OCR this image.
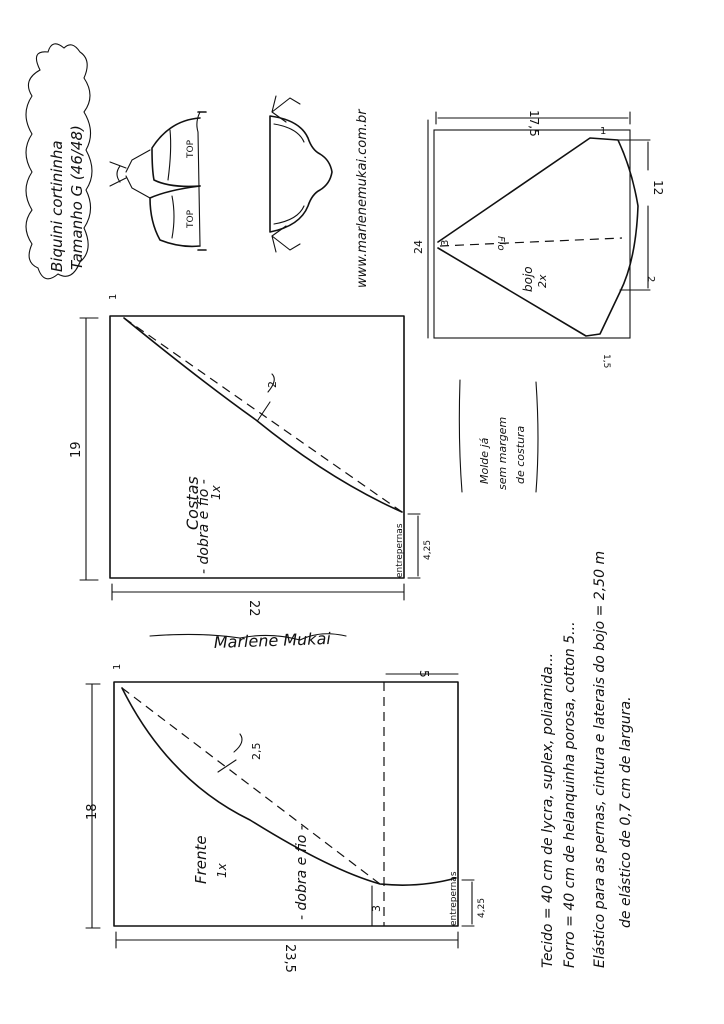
Biquini cortininha Tamanho G (46/48)	TOP
TOP	www.marlenemukai.com.br	17,5
24
12
1
3
2
1,5
Fio
bojo 2x
Molde já sem margem de costura
19
22
2
1
Costas 1x
- dobra e fio -	entrepernas 4,25
Marlene Mukai
18
23,5
5
2,5
3
1
Frente 1x	- dobra e fio -	entrepernas 4,25	Tecido = 40 cm de lycra, suplex, poliamida... Forro = 40 cm de helanquinha porosa, cotton 5... Elástico para as pernas, cintura e laterais do bojo = 2,50 m de elástico de 0,7 cm de largura.
